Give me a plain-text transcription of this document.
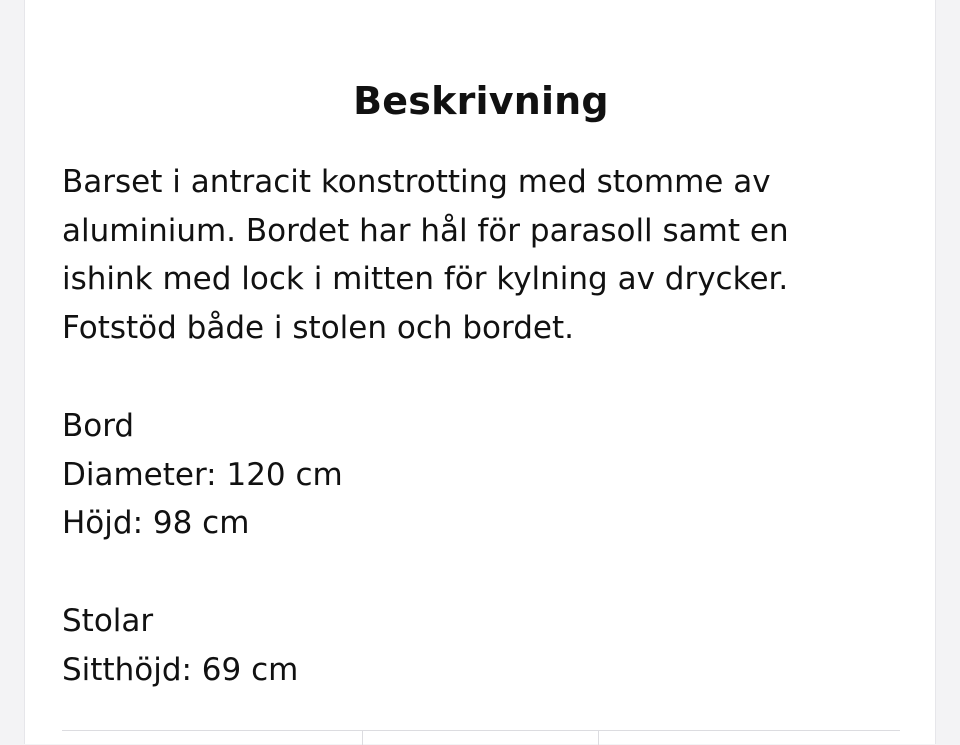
Beskrivning

Barset i antracit konstrotting med stomme av

aluminium. Bordet har hål för parasoll samt en

ishink med lock i mitten för kylning av drycker.

Fotstöd både i stolen och bordet.

Bord
Diameter: 120 cm
Höjd: 98 cm
Stolar
Sitthöjd: 69 cm
